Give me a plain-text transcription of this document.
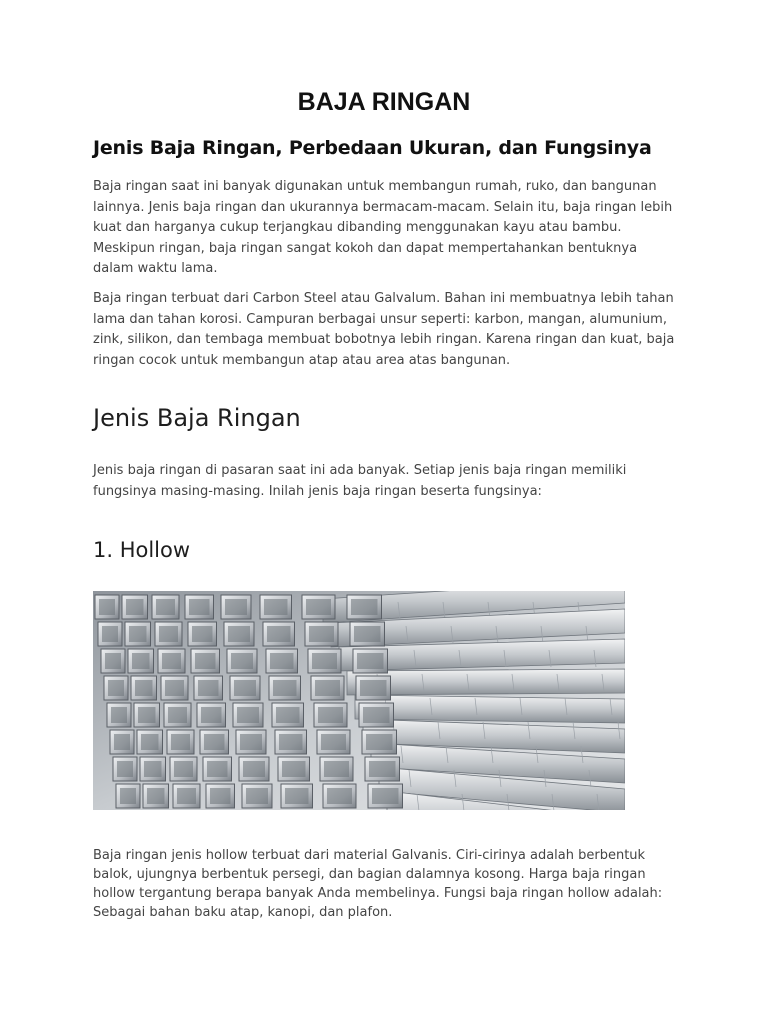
BAJA RINGAN
Jenis Baja Ringan, Perbedaan Ukuran, dan Fungsinya

Baja ringan saat ini banyak digunakan untuk membangun rumah, ruko, dan bangunan lainnya. Jenis baja ringan dan ukurannya bermacam-macam. Selain itu, baja ringan lebih kuat dan harganya cukup terjangkau dibanding menggunakan kayu atau bambu. Meskipun ringan, baja ringan sangat kokoh dan dapat mempertahankan bentuknya dalam waktu lama.

Baja ringan terbuat dari Carbon Steel atau Galvalum. Bahan ini membuatnya lebih tahan lama dan tahan korosi. Campuran berbagai unsur seperti: karbon, mangan, alumunium, zink, silikon, dan tembaga membuat bobotnya lebih ringan. Karena ringan dan kuat, baja ringan cocok untuk membangun atap atau area atas bangunan.

Jenis Baja Ringan

Jenis baja ringan di pasaran saat ini ada banyak. Setiap jenis baja ringan memiliki fungsinya masing-masing. Inilah jenis baja ringan beserta fungsinya:

1. Hollow

Baja ringan jenis hollow terbuat dari material Galvanis. Ciri-cirinya adalah berbentuk balok, ujungnya berbentuk persegi, dan bagian dalamnya kosong. Harga baja ringan hollow tergantung berapa banyak Anda membelinya. Fungsi baja ringan hollow adalah: Sebagai bahan baku atap, kanopi, dan plafon.
